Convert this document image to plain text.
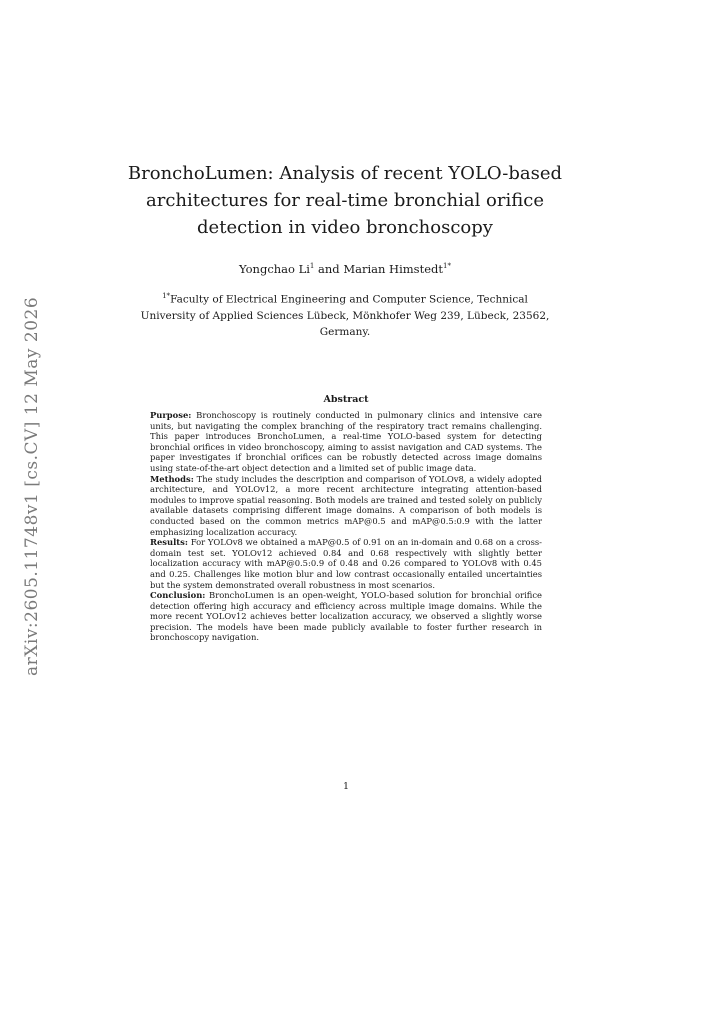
arXiv:2605.11748v1 [cs.CV] 12 May 2026
BronchoLumen: Analysis of recent YOLO-based architectures for real-time bronchial orifice detection in video bronchoscopy
Yongchao Li$^1$ and Marian Himstedt$^{1*}$
$^{1*}$Faculty of Electrical Engineering and Computer Science, Technical University of Applied Sciences Lübeck, Mönkhofer Weg 239, Lübeck, 23562, Germany.
Abstract

Purpose: Bronchoscopy is routinely conducted in pulmonary clinics and intensive care units, but navigating the complex branching of the respiratory tract remains challenging. This paper introduces BronchoLumen, a real-time YOLO-based system for detecting bronchial orifices in video bronchoscopy, aiming to assist navigation and CAD systems. The paper investigates if bronchial orifices can be robustly detected across image domains using state-of-the-art object detection and a limited set of public image data.

Methods: The study includes the description and comparison of YOLOv8, a widely adopted architecture, and YOLOv12, a more recent architecture integrating attention-based modules to improve spatial reasoning. Both models are trained and tested solely on publicly available datasets comprising different image domains. A comparison of both models is conducted based on the common metrics mAP@0.5 and mAP@0.5:0.9 with the latter emphasizing localization accuracy.

Results: For YOLOv8 we obtained a mAP@0.5 of 0.91 on an in-domain and 0.68 on a cross-domain test set. YOLOv12 achieved 0.84 and 0.68 respectively with slightly better localization accuracy with mAP@0.5:0.9 of 0.48 and 0.26 compared to YOLOv8 with 0.45 and 0.25. Challenges like motion blur and low contrast occasionally entailed uncertainties but the system demonstrated overall robustness in most scenarios.

Conclusion: BronchoLumen is an open-weight, YOLO-based solution for bronchial orifice detection offering high accuracy and efficiency across multiple image domains. While the more recent YOLOv12 achieves better localization accuracy, we observed a slightly worse precision. The models have been made publicly available to foster further research in bronchoscopy navigation.

1
